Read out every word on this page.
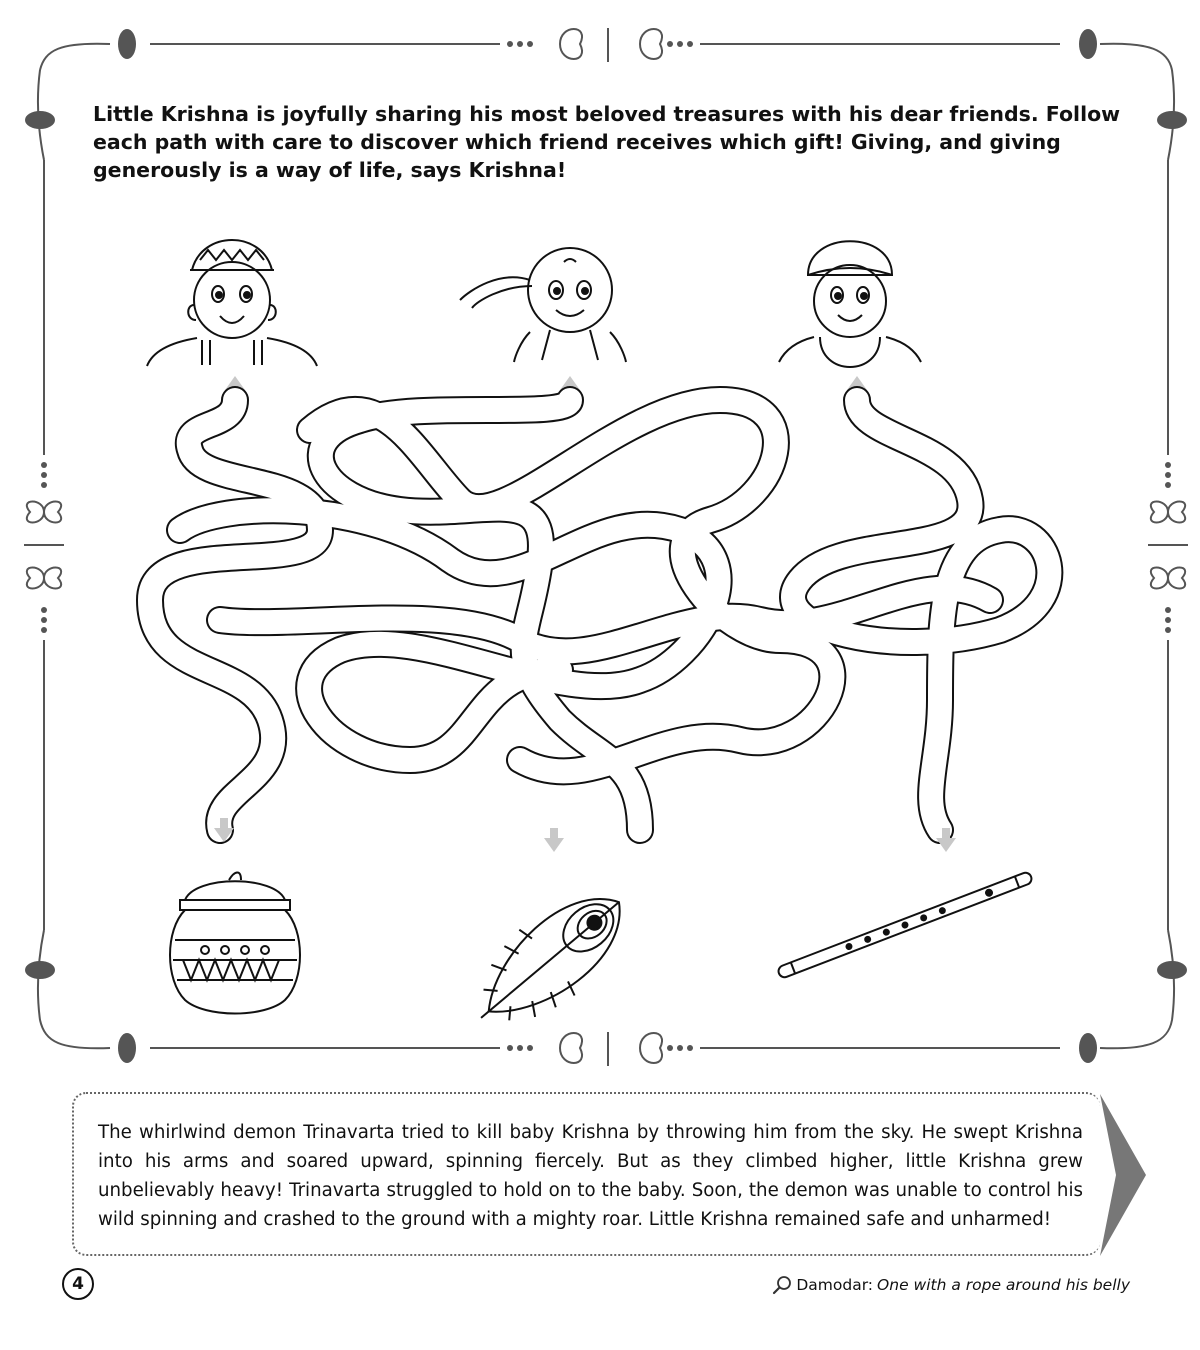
Little Krishna is joyfully sharing his most beloved treasures with his dear friends. Follow each path with care to discover which friend receives which gift! Giving, and giving generously is a way of life, says Krishna!

The whirlwind demon Trinavarta tried to kill baby Krishna by throwing him from the sky. He swept Krishna into his arms and soared upward, spinning fiercely. But as they climbed higher, little Krishna grew unbelievably heavy! Trinavarta struggled to hold on to the baby. Soon, the demon was unable to control his wild spinning and crashed to the ground with a mighty roar. Little Krishna remained safe and unharmed!

4	Damodar: One with a rope around his belly
